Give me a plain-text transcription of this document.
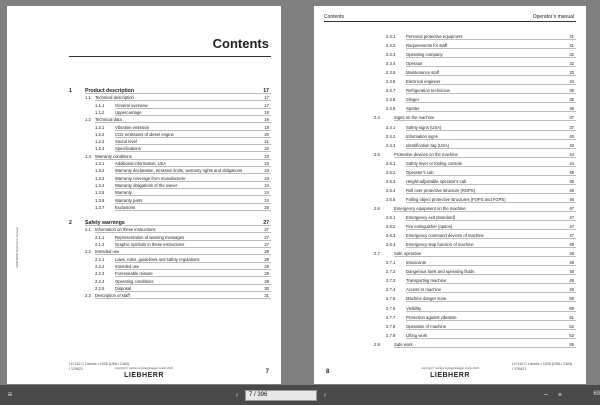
Contents
LIEBHERR Operator’s manual
1	Product description	17
1.1 Technical description	17
1.1.1	General overview	17
1.1.2	Uppercarriage	18
1.2 Technical data	19
1.2.1	Vibration emission	19
1.2.2	CO2 emissions of diesel engine	20
1.2.3	Sound level	21
1.2.4	Specifications	22
1.3 Warranty conditions	23
1.3.1	Additional information, USA	23
1.3.2	Warranty declaration, emission limits, warranty rights and obligations	23
1.3.3	Warranty coverage from manufacturer	23
1.3.4	Warranty obligations of the owner	24
1.3.5	Warranty	24
1.3.6	Warranty parts	24
1.3.7	Exclusions	25
2	Safety warnings	27
2.1 Information on these instructions	27
2.1.1	Representation of warning messages	27
2.1.2	Graphic symbols in these instructions	27
2.2 Intended use	28
2.2.1	Laws, rules, guidelines and safety regulations	28
2.2.2	Intended use	28
2.2.3	Foreseeable misuse	29
2.2.4	Operating conditions	29
2.2.5	Disposal	30
2.3 Description of staff	31
LH 110 C Litronic • 1028 (USA / CAN)
/ 170621	copyright © Liebherr-Hydraulikbagger GmbH 2020
LIEBHERR	7
Contents	Operator’s manual
2.3.1	Personal protective equipment	31
2.3.2	Requirements for staff	31
2.3.3	Operating company	32
2.3.4	Operator	32
2.3.5	Maintenance staff	33
2.3.6	Electrical engineer	34
2.3.7	Refrigeration technician	35
2.3.8	Slinger	35
2.3.9	Spotter	36
2.4	Signs on the machine	37
2.4.1	Safety signs (USA)	37
2.4.2	Information signs	40
2.4.3	Identification tag (USA)	43
2.5	Protective devices on the machine	44
2.5.1	Safety lever or folding console	44
2.5.2	Operator’s cab	45
2.5.3	Height-adjustable operator’s cab	45
2.5.4	Roll over protective structure (ROPS)	46
2.5.5	Falling object protective structures (FOPS and FGPS)	46
2.6	Emergency equipment on the machine	47
2.6.1	Emergency exit (standard)	47
2.6.2	Fire extinguisher (option)	47
2.6.3	Emergency command devices of machine	47
2.6.4	Emergency stop function of machine	48
2.7	Safe operation	48
2.7.1	Intoxicants	48
2.7.2	Dangerous fuels and operating fluids	48
2.7.3	Transporting machine	49
2.7.4	Access to machine	49
2.7.5	Machine danger zone	50
2.7.6	Visibility	50
2.7.7	Protection against vibration	51
2.7.8	Operation of machine	52
2.7.9	Lifting work	53
2.8	Safe work	55
8
copyright © Liebherr-Hydraulikbagger GmbH 2020
LIEBHERR
LH 110 C Litronic • 1028 (USA / CAN)
/ 170621
≡	‹	7 / 396	›	−	+	69
